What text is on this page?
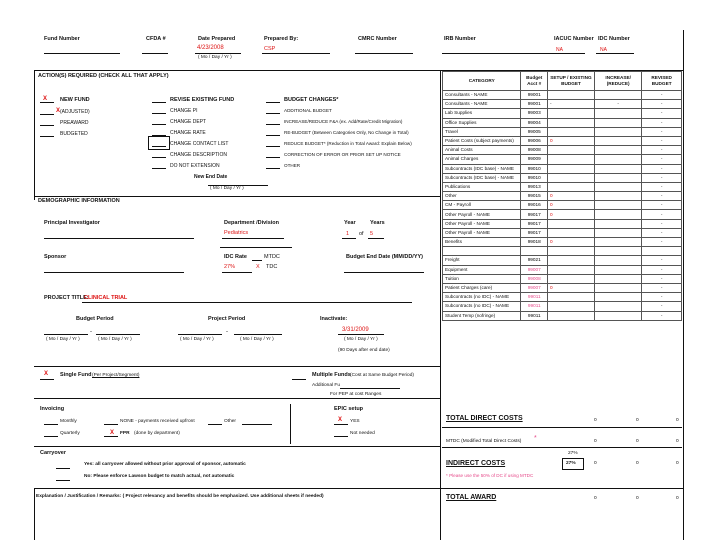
Fund Number	CFDA #	Date Prepared
4/23/2008
( Mo / Day / Yr )
Prepared By:
CSP
CMRC Number	IRB Number	IACUC Number
NA
IDC Number
NA
ACTION(S) REQUIRED (CHECK ALL THAT APPLY)
X NEW FUND
X (ADJUSTED)
PREAWARD
BUDGETED
REVISE EXISTING FUND
CHANGE PI
CHANGE DEPT
CHANGE RATE
CHANGE CONTACT LIST
CHANGE DESCRIPTION
DO NOT EXTENSION
New End Date
BUDGET CHANGES*
ADDITIONAL BUDGET
INCREASE/REDUCE F&A (ex. Add/Rate/Credit Migration)
RE-BUDGET (Between Categories Only, No Change in Total)
REDUCE BUDGET* (Reduction in Total Award: Explain Below)
CORRECTION OF ERROR OR PRIOR SET UP NOTICE
OTHER
( Mo / Day / Yr )
DEMOGRAPHIC INFORMATION
Principal Investigator	Department /Division
Pediatrics
Year	Years
1 of 5
Sponsor	IDC Rate	MTDC
27%	X TDC
Budget End Date (MM/DD/YY)
PROJECT TITLE:
CLINICAL TRIAL
Budget Period	Project Period	Inactivate:
-	-	3/31/2009
( Mo / Day / Yr )	( Mo / Day / Yr )	( Mo / Day / Yr )	( Mo / Day / Yr )	( Mo / Day / Yr )
(90 Days after end date)
X Single Fund (Per Project/Segment)	Multiple Funds (Cost at Same Budget Period)
Additional Fu
For PEP at cost Ranges
Invoicing
Monthly
Quarterly
NONE - payments received upfront	Other
X FPR (done by department)
EPIC setup
X YES
Not needed
Carryover
Yes: all carryover allowed without prior approval of sponsor, automatic
No: Please enforce Lawson budget to match actual, not automatic
Explanation / Justification / Remarks: ( Project relevancy and benefits should be emphasized. Use additional sheets if needed)
CATEGORY	Budget Acct #	SETUP / EXISTING BUDGET	INCREASE/ (REDUCE)	REVISED BUDGET
Consultants - NAME	99001			-
Consultants - NAME	99001	-	-	-
Lab Supplies	99003			-
Office Supplies	99004			-
Travel	99005			-
Patient Costs (subject payments)	99006	0		-
Animal Costs	99008			-
Animal Charges	99009			-
Subcontracts (IDC base) - NAME	99010			-
Subcontracts (IDC base) - NAME	99010			-
Publications	99013			-
Other	99015	0		-
CM - Payroll	99016	0		-
Other Payroll - NAME	99017	0		-
Other Payroll - NAME	99017			-
Other Payroll - NAME	99017			-
Benefits	99018	0		-

Freight	99021			-
Equipment	99007			-
Tuition	99008			-
Patient Charges (care)	99007	0		-
Subcontracts (no IDC) - NAME	99011			-
Subcontracts (no IDC) - NAME	99011			-
Student Temp (nofringe)	99011			-
TOTAL DIRECT COSTS	0	0	0
MTDC (Modified Total Direct Costs) *	0	0	0
27%
INDIRECT COSTS	27%	0	0	0
* Please use the 50% of DC if using MTDC
TOTAL AWARD	0	0	0
